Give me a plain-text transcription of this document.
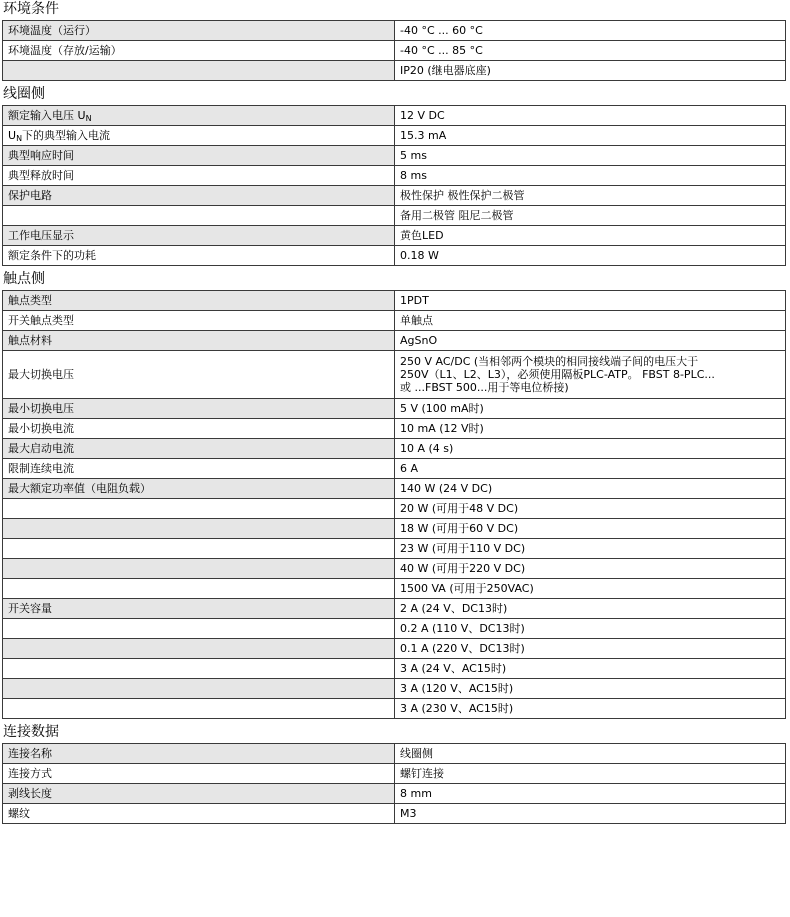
环境条件
环境温度（运行）	-40 °C ... 60 °C
环境温度（存放/运输）	-40 °C ... 85 °C
	IP20 (继电器底座)
线圈侧
额定输入电压 $U_N$	12 V DC
$U_N$下的典型输入电流	15.3 mA
典型响应时间	5 ms
典型释放时间	8 ms
保护电路	极性保护 极性保护二极管
	备用二极管 阻尼二极管
工作电压显示	黄色LED
额定条件下的功耗	0.18 W
触点侧
触点类型	1PDT
开关触点类型	单触点
触点材料	AgSnO
最大切换电压	250 V AC/DC (当相邻两个模块的相同接线端子间的电压大于
250V（L1、L2、L3），必须使用隔板PLC-ATP。 FBST 8-PLC...
或 ...FBST 500...用于等电位桥接)

最小切换电压	5 V (100 mA时)
最小切换电流	10 mA (12 V时)
最大启动电流	10 A (4 s)
限制连续电流	6 A
最大额定功率值（电阻负载）	140 W (24 V DC)
	20 W (可用于48 V DC)
	18 W (可用于60 V DC)
	23 W (可用于110 V DC)
	40 W (可用于220 V DC)
	1500 VA (可用于250VAC)
开关容量	2 A (24 V、DC13时)
	0.2 A (110 V、DC13时)
	0.1 A (220 V、DC13时)
	3 A (24 V、AC15时)
	3 A (120 V、AC15时)
	3 A (230 V、AC15时)
连接数据
连接名称	线圈侧
连接方式	螺钉连接
剥线长度	8 mm
螺纹	M3
